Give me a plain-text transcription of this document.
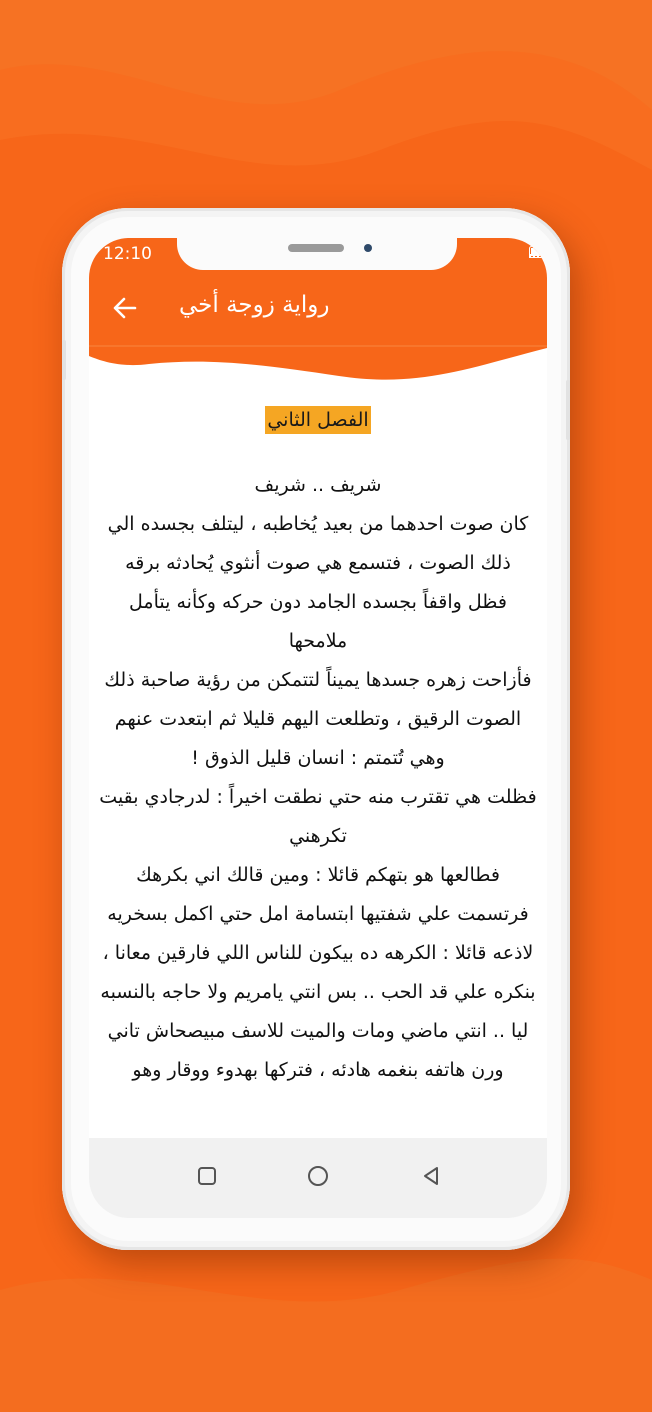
12:10
رواية زوجة أخي
الفصل الثاني

شريف .. شريف

كان صوت احدهما من بعيد يُخاطبه ، ليتلف بجسده الي ذلك الصوت ، فتسمع هي صوت أنثوي يُحادثه برقه

فظل واقفاً بجسده الجامد دون حركه وكأنه يتأمل ملامحها

فأزاحت زهره جسدها يميناً لتتمكن من رؤية صاحبة ذلك الصوت الرقيق ، وتطلعت اليهم قليلا ثم ابتعدت عنهم وهي تُتمتم : انسان قليل الذوق !

فظلت هي تقترب منه حتي نطقت اخيراً : لدرجادي بقيت تكرهني

فطالعها هو بتهكم قائلا : ومين قالك اني بكرهك

فرتسمت علي شفتيها ابتسامة امل حتي اكمل بسخريه لاذعه قائلا : الكرهه ده بيكون للناس اللي فارقين معانا ، بنكره علي قد الحب .. بس انتي يامريم ولا حاجه بالنسبه ليا .. انتي ماضي ومات والميت للاسف مبيصحاش تاني

ورن هاتفه بنغمه هادئه ، فتركها بهدوء ووقار وهو
